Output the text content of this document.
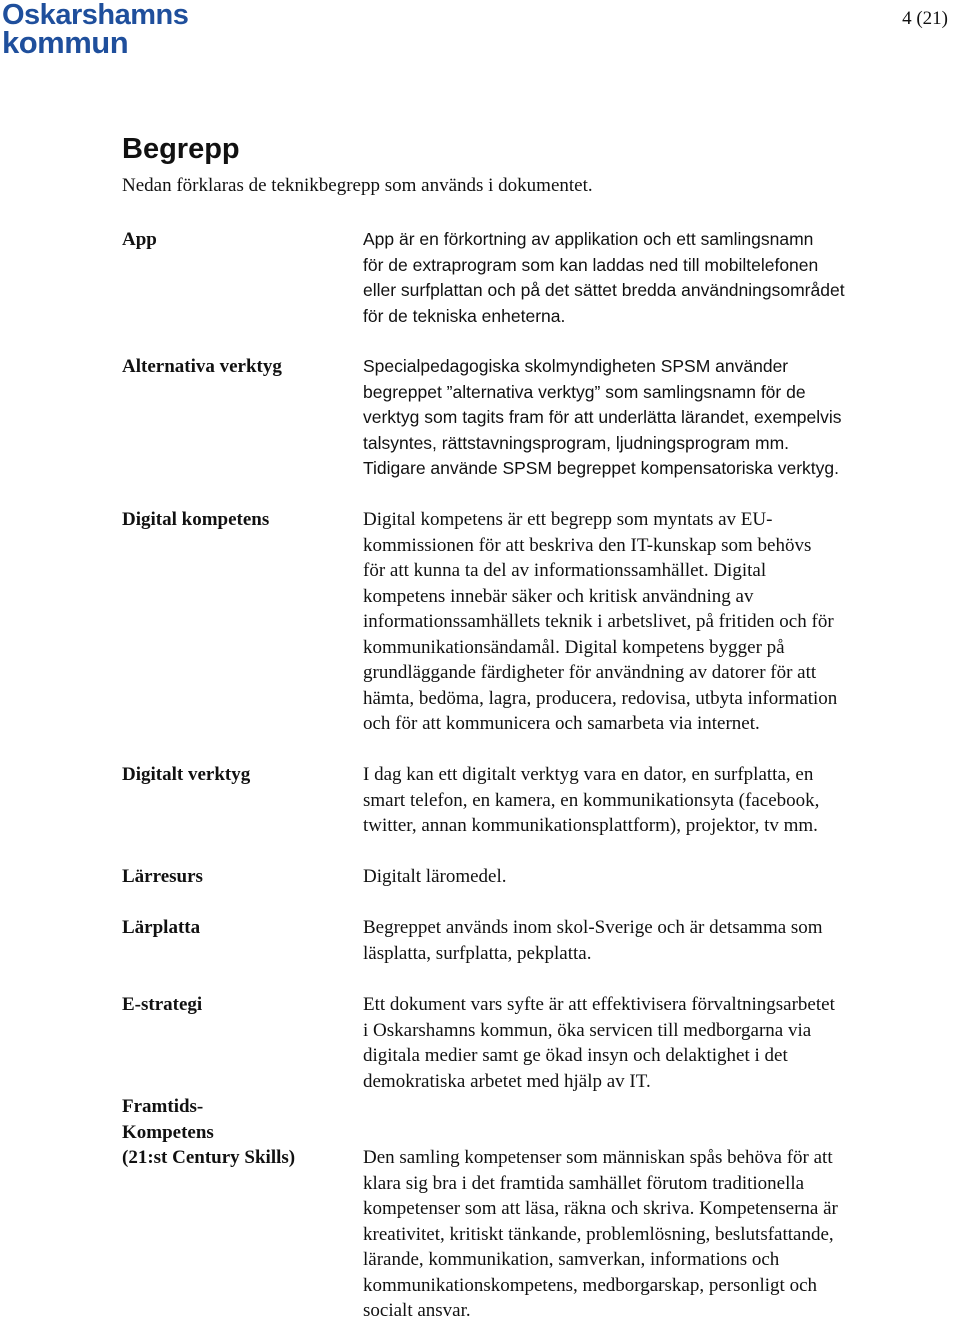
Oskarshamns
kommun
4 (21)
Begrepp
Nedan förklaras de teknikbegrepp som används i dokumentet.
App	App är en förkortning av applikation och ett samlingsnamn
för de extraprogram som kan laddas ned till mobiltelefonen
eller surfplattan och på det sättet bredda användningsområdet
för de tekniska enheterna.
Alternativa verktyg	Specialpedagogiska skolmyndigheten SPSM använder
begreppet ”alternativa verktyg” som samlingsnamn för de
verktyg som tagits fram för att underlätta lärandet, exempelvis
talsyntes, rättstavningsprogram, ljudningsprogram mm.
Tidigare använde SPSM begreppet kompensatoriska verktyg.
Digital kompetens	Digital kompetens är ett begrepp som myntats av EU-
kommissionen för att beskriva den IT-kunskap som behövs
för att kunna ta del av informationssamhället. Digital
kompetens innebär säker och kritisk användning av
informationssamhällets teknik i arbetslivet, på fritiden och för
kommunikationsändamål. Digital kompetens bygger på
grundläggande färdigheter för användning av datorer för att
hämta, bedöma, lagra, producera, redovisa, utbyta information
och för att kommunicera och samarbeta via internet.
Digitalt verktyg	I dag kan ett digitalt verktyg vara en dator, en surfplatta, en
smart telefon, en kamera, en kommunikationsyta (facebook,
twitter, annan kommunikationsplattform), projektor, tv mm.
Lärresurs	Digitalt läromedel.
Lärplatta	Begreppet används inom skol-Sverige och är detsamma som
läsplatta, surfplatta, pekplatta.
E-strategi	Ett dokument vars syfte är att effektivisera förvaltningsarbetet
i Oskarshamns kommun, öka servicen till medborgarna via
digitala medier samt ge ökad insyn och delaktighet i det
demokratiska arbetet med hjälp av IT.
Framtids-
Kompetens
(21:st Century Skills)	Den samling kompetenser som människan spås behöva för att
klara sig bra i det framtida samhället förutom traditionella
kompetenser som att läsa, räkna och skriva. Kompetenserna är
kreativitet, kritiskt tänkande, problemlösning, beslutsfattande,
lärande, kommunikation, samverkan, informations och
kommunikationskompetens, medborgarskap, personligt och
socialt ansvar.
